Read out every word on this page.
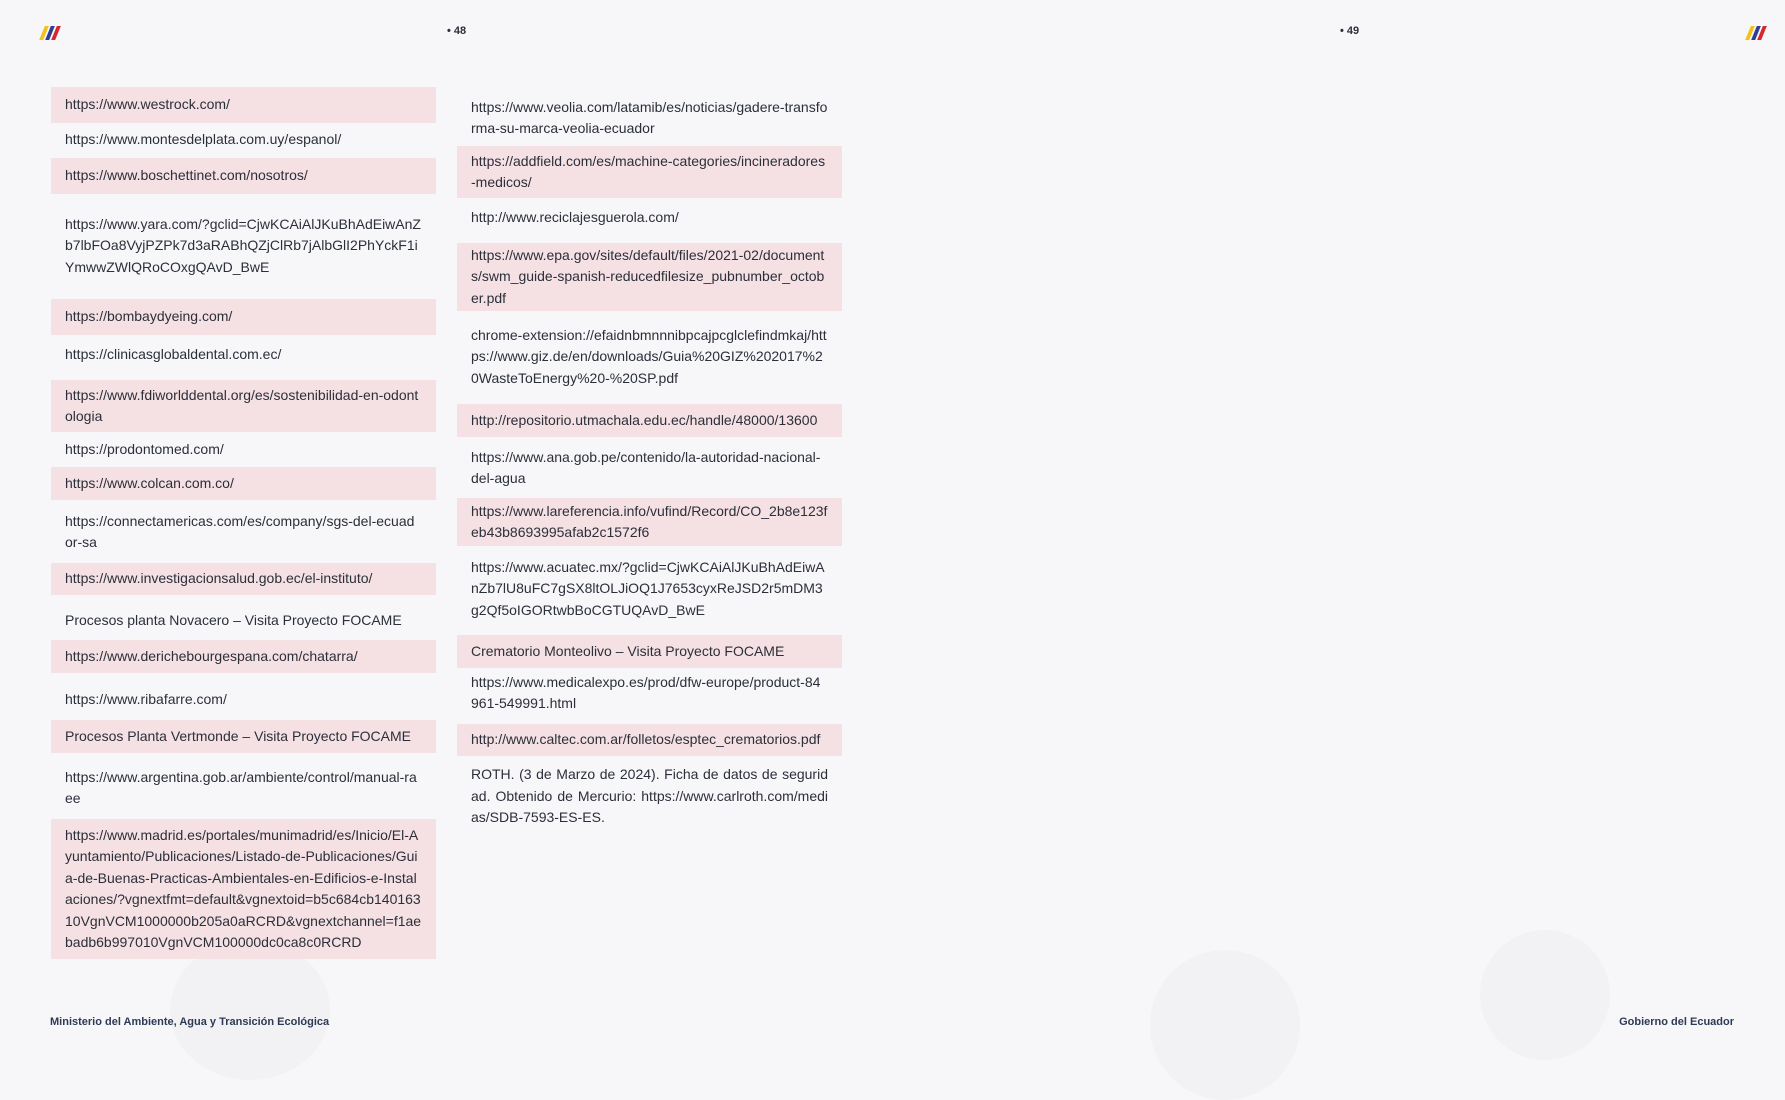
• 48	• 49
https://www.westrock.com/
https://www.montesdelplata.com.uy/espanol/
https://www.boschettinet.com/nosotros/
https://www.yara.com/?gclid=CjwKCAiAlJKuBhAdEiwAnZb7lbFOa8VyjPZPk7d3aRABhQZjClRb7jAlbGlI2PhYckF1iYmwwZWlQRoCOxgQAvD_BwE
https://bombaydyeing.com/
https://clinicasglobaldental.com.ec/
https://www.fdiworlddental.org/es/sostenibilidad-en-odontologia
https://prodontomed.com/
https://www.colcan.com.co/
https://connectamericas.com/es/company/sgs-del-ecuador-sa
https://www.investigacionsalud.gob.ec/el-instituto/
Procesos planta Novacero – Visita Proyecto FOCAME
https://www.derichebourgespana.com/chatarra/
https://www.ribafarre.com/
Procesos Planta Vertmonde – Visita Proyecto FOCAME
https://www.argentina.gob.ar/ambiente/control/manual-raee
https://www.madrid.es/portales/munimadrid/es/Inicio/El-Ayuntamiento/Publicaciones/Listado-de-Publicaciones/Guia-de-Buenas-Practicas-Ambientales-en-Edificios-e-Instalaciones/?vgnextfmt=default&vgnextoid=b5c684cb14016310VgnVCM1000000b205a0aRCRD&vgnextchannel=f1aebadb6b997010VgnVCM100000dc0ca8c0RCRD
https://www.veolia.com/latamib/es/noticias/gadere-transforma-su-marca-veolia-ecuador
https://addfield.com/es/machine-categories/incineradores-medicos/
http://www.reciclajesguerola.com/
https://www.epa.gov/sites/default/files/2021-02/documents/swm_guide-spanish-reducedfilesize_pubnumber_october.pdf
chrome-extension://efaidnbmnnnibpcajpcglclefindmkaj/https://www.giz.de/en/downloads/Guia%20GIZ%202017%20WasteToEnergy%20-%20SP.pdf
http://repositorio.utmachala.edu.ec/handle/48000/13600
https://www.ana.gob.pe/contenido/la-autoridad-nacional-del-agua
https://www.lareferencia.info/vufind/Record/CO_2b8e123feb43b8693995afab2c1572f6
https://www.acuatec.mx/?gclid=CjwKCAiAlJKuBhAdEiwAnZb7lU8uFC7gSX8ltOLJiOQ1J7653cyxReJSD2r5mDM3g2Qf5oIGORtwbBoCGTUQAvD_BwE
Crematorio Monteolivo – Visita Proyecto FOCAME
https://www.medicalexpo.es/prod/dfw-europe/product-84961-549991.html
http://www.caltec.com.ar/folletos/esptec_crematorios.pdf
ROTH. (3 de Marzo de 2024). Ficha de datos de seguridad. Obtenido de Mercurio: https://www.carlroth.com/medias/SDB-7593-ES-ES.
Ministerio del Ambiente, Agua y Transición Ecológica	Gobierno del Ecuador
